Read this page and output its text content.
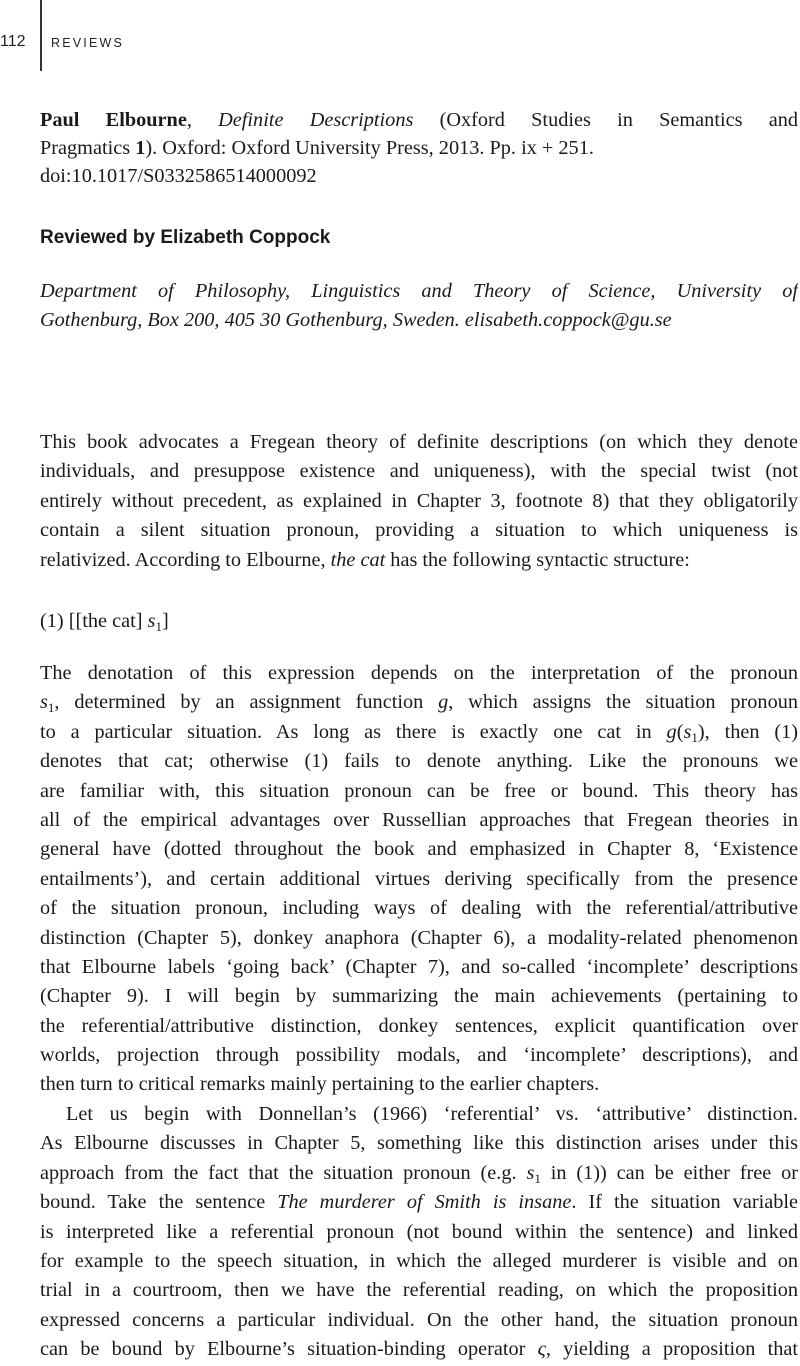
112 REVIEWS
Paul Elbourne, Definite Descriptions (Oxford Studies in Semantics and
Pragmatics 1). Oxford: Oxford University Press, 2013. Pp. ix + 251.
doi:10.1017/S0332586514000092
Reviewed by Elizabeth Coppock
Department of Philosophy, Linguistics and Theory of Science, University of
Gothenburg, Box 200, 405 30 Gothenburg, Sweden. elisabeth.coppock@gu.se
This book advocates a Fregean theory of definite descriptions (on which they denote
individuals, and presuppose existence and uniqueness), with the special twist (not
entirely without precedent, as explained in Chapter 3, footnote 8) that they obligatorily
contain a silent situation pronoun, providing a situation to which uniqueness is
relativized. According to Elbourne, the cat has the following syntactic structure:
(1) [[the cat] $s_1$]
The denotation of this expression depends on the interpretation of the pronoun
$s_1$, determined by an assignment function g, which assigns the situation pronoun
to a particular situation. As long as there is exactly one cat in $g(s_1)$, then (1)
denotes that cat; otherwise (1) fails to denote anything. Like the pronouns we
are familiar with, this situation pronoun can be free or bound. This theory has
all of the empirical advantages over Russellian approaches that Fregean theories in
general have (dotted throughout the book and emphasized in Chapter 8, ‘Existence
entailments’), and certain additional virtues deriving specifically from the presence
of the situation pronoun, including ways of dealing with the referential/attributive
distinction (Chapter 5), donkey anaphora (Chapter 6), a modality-related phenomenon
that Elbourne labels ‘going back’ (Chapter 7), and so-called ‘incomplete’ descriptions
(Chapter 9). I will begin by summarizing the main achievements (pertaining to
the referential/attributive distinction, donkey sentences, explicit quantification over
worlds, projection through possibility modals, and ‘incomplete’ descriptions), and
then turn to critical remarks mainly pertaining to the earlier chapters.
Let us begin with Donnellan’s (1966) ‘referential’ vs. ‘attributive’ distinction.
As Elbourne discusses in Chapter 5, something like this distinction arises under this
approach from the fact that the situation pronoun (e.g. $s_1$ in (1)) can be either free or
bound. Take the sentence The murderer of Smith is insane. If the situation variable
is interpreted like a referential pronoun (not bound within the sentence) and linked
for example to the speech situation, in which the alleged murderer is visible and on
trial in a courtroom, then we have the referential reading, on which the proposition
expressed concerns a particular individual. On the other hand, the situation pronoun
can be bound by Elbourne’s situation-binding operator ς, yielding a proposition that
